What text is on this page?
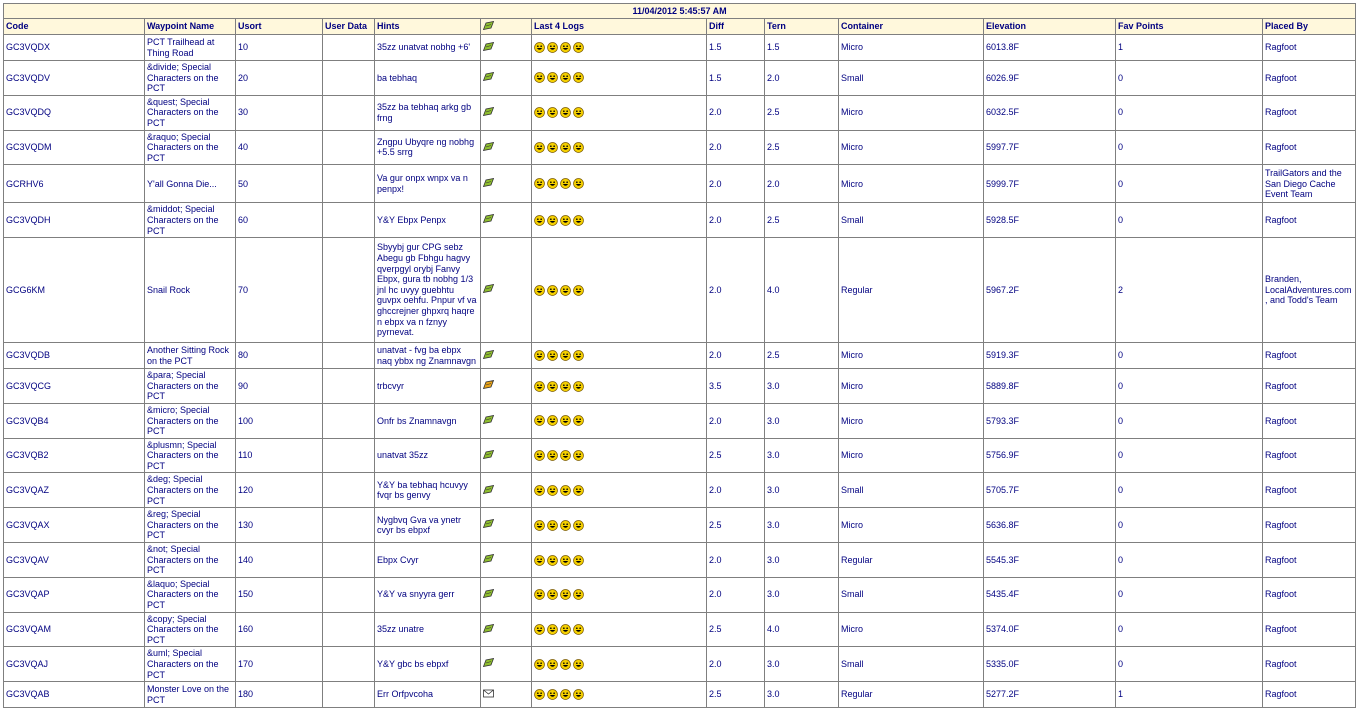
11/04/2012 5:45:57 AM												
Code	Waypoint Name	Usort	User Data	Hints		Last 4 Logs	Diff	Tern	Container	Elevation	Fav Points	Placed By
GC3VQDX	PCT Trailhead at Thing Road	10		35zz unatvat nobhg +6'			1.5	1.5	Micro	6013.8F	1	Ragfoot
GC3VQDV	&divide; Special Characters on the PCT	20		ba tebhaq			1.5	2.0	Small	6026.9F	0	Ragfoot
GC3VQDQ	&quest; Special Characters on the PCT	30		35zz ba tebhaq arkg gb frng			2.0	2.5	Micro	6032.5F	0	Ragfoot
GC3VQDM	&raquo; Special Characters on the PCT	40		Zngpu Ubyqre ng nobhg +5.5 srrg			2.0	2.5	Micro	5997.7F	0	Ragfoot
GCRHV6	Y'all Gonna Die...	50		Va gur onpx wnpx va n penpx!			2.0	2.0	Micro	5999.7F	0	TrailGators and the San Diego Cache Event Team
GC3VQDH	&middot; Special Characters on the PCT	60		Y&Y Ebpx Penpx			2.0	2.5	Small	5928.5F	0	Ragfoot
GCG6KM	Snail Rock	70		Sbyybj gur CPG sebz Abegu gb Fbhgu hagvy qverpgyl orybj Fanvy Ebpx, gura tb nobhg 1/3 jnl hc uvyy guebhtu guvpx oehfu. Pnpur vf va ghccrejner ghpxrq haqre n ebpx va n fznyy pyrnevat.			2.0	4.0	Regular	5967.2F	2	Branden, LocalAdventures.com, and Todd's Team
GC3VQDB	Another Sitting Rock on the PCT	80		unatvat - fvg ba ebpx naq ybbx ng Znamnavgn			2.0	2.5	Micro	5919.3F	0	Ragfoot
GC3VQCG	&para; Special Characters on the PCT	90		trbcvyr			3.5	3.0	Micro	5889.8F	0	Ragfoot
GC3VQB4	&micro; Special Characters on the PCT	100		Onfr bs Znamnavgn			2.0	3.0	Micro	5793.3F	0	Ragfoot
GC3VQB2	&plusmn; Special Characters on the PCT	110		unatvat 35zz			2.5	3.0	Micro	5756.9F	0	Ragfoot
GC3VQAZ	&deg; Special Characters on the PCT	120		Y&Y ba tebhaq hcuvyy fvqr bs genvy			2.0	3.0	Small	5705.7F	0	Ragfoot
GC3VQAX	&reg; Special Characters on the PCT	130		Nygbvq Gva va ynetr cvyr bs ebpxf			2.5	3.0	Micro	5636.8F	0	Ragfoot
GC3VQAV	&not; Special Characters on the PCT	140		Ebpx Cvyr			2.0	3.0	Regular	5545.3F	0	Ragfoot
GC3VQAP	&laquo; Special Characters on the PCT	150		Y&Y va snyyra gerr			2.0	3.0	Small	5435.4F	0	Ragfoot
GC3VQAM	&copy; Special Characters on the PCT	160		35zz unatre			2.5	4.0	Micro	5374.0F	0	Ragfoot
GC3VQAJ	&uml; Special Characters on the PCT	170		Y&Y gbc bs ebpxf			2.0	3.0	Small	5335.0F	0	Ragfoot
GC3VQAB	Monster Love on the PCT	180		Err Orfpvcoha			2.5	3.0	Regular	5277.2F	1	Ragfoot
